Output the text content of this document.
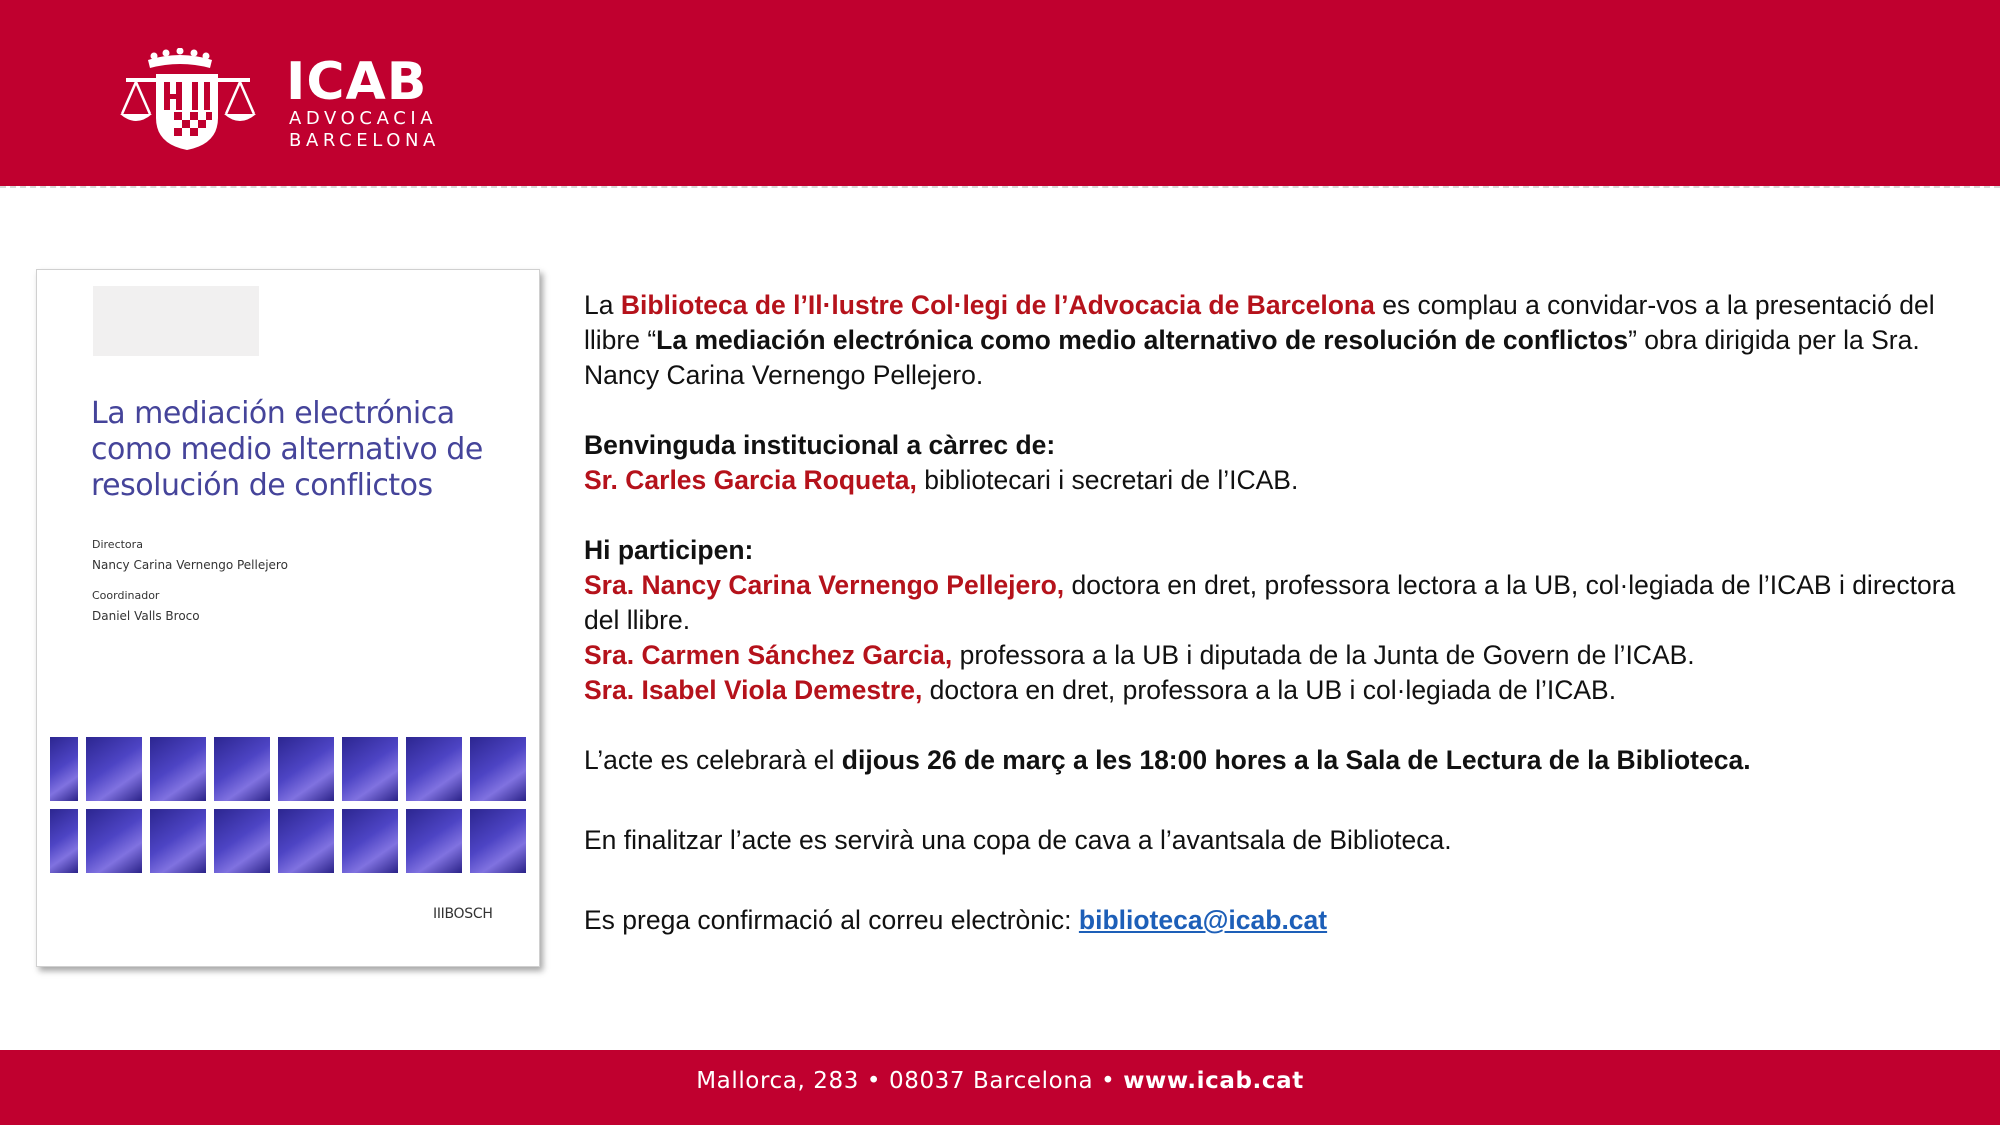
ICAB
ADVOCACIA
BARCELONA
La mediación electrónica
como medio alternativo de
resolución de conflictos
Directora
Nancy Carina Vernengo Pellejero
Coordinador
Daniel Valls Broco
IIIBOSCH

La Biblioteca de l’Il·lustre Col·legi de l’Advocacia de Barcelona es complau a convidar-vos a la presentació del llibre “La mediación electrónica como medio alternativo de resolución de conflictos” obra dirigida per la Sra. Nancy Carina Vernengo Pellejero.

Benvinguda institucional a càrrec de:

Sr. Carles Garcia Roqueta, bibliotecari i secretari de l’ICAB.

Hi participen:

Sra. Nancy Carina Vernengo Pellejero, doctora en dret, professora lectora a la UB, col·legiada de l’ICAB i directora del llibre.

Sra. Carmen Sánchez Garcia, professora a la UB i diputada de la Junta de Govern de l’ICAB.

Sra. Isabel Viola Demestre, doctora en dret, professora a la UB i col·legiada de l’ICAB.

L’acte es celebrarà el dijous 26 de març a les 18:00 hores a la Sala de Lectura de la Biblioteca.

En finalitzar l’acte es servirà una copa de cava a l’avantsala de Biblioteca.

Es prega confirmació al correu electrònic: biblioteca@icab.cat

Mallorca, 283 • 08037 Barcelona • www.icab.cat
